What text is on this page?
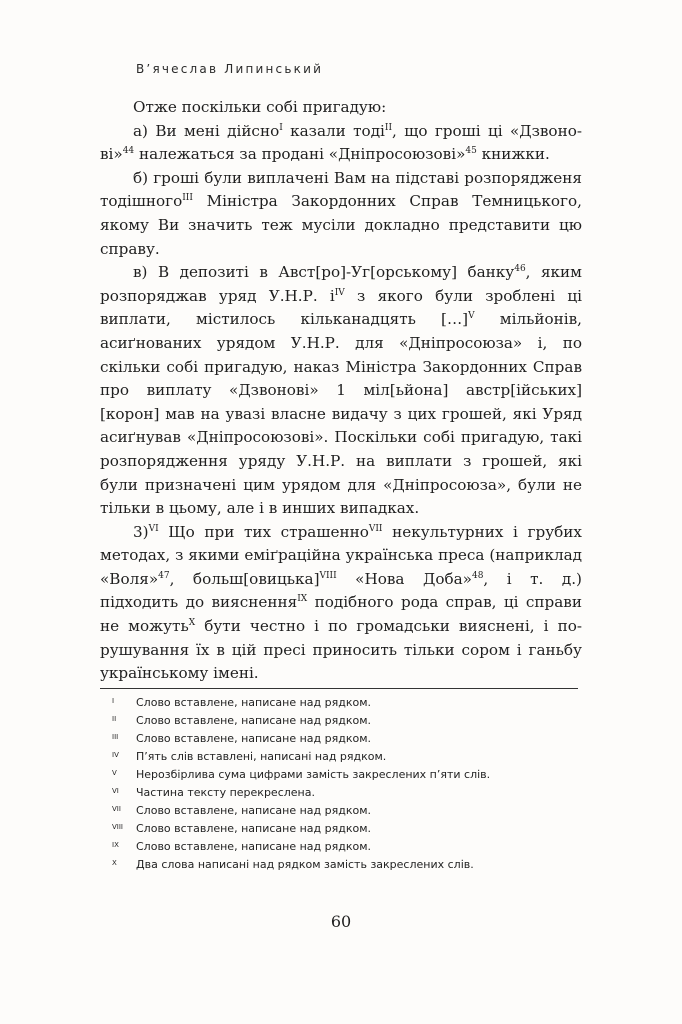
В’ячеслав Липинський

Отже поскільки собі пригадую:

а) Ви мені дійсно$^I$ казали тоді$^{II}$, що гроші ці «Дзвонові»$^{44}$ належаться за продані «Дніпросоюзові»$^{45}$ книжки.

б) гроші були виплачені Вам на підставі розпорядженя тодішного$^{III}$ Міністра Закордонних Справ Темницького, якому Ви значить теж мусіли докладно представити цю справу.

в) В депозиті в Авст[ро]-Уг[орському] банку$^{46}$, яким розпоряджав уряд У.Н.Р. $і^{IV}$ з якого були зроблені ці виплати, містилось кільканадцять […]$^V$ мільйонів, асиґнованих урядом У.Н.Р. для «Дніпросоюза» і, по скільки собі пригадую, наказ Міністра Закордонних Справ про виплату «Дзвонові» 1 міл[ьйона] австр[ійських] [корон] мав на увазі власне видачу з цих грошей, які Уряд асиґнував «Дніпросоюзові». Поскільки собі пригадую, такі розпорядження уряду У.Н.Р. на виплати з грошей, які були призначені цим урядом для «Дніпросоюза», були не тільки в цьому, але і в инших випадках.

3)$^{VI}$ Що при тих страшенно$^{VII}$ некультурних і грубих методах, з якими еміґраційна українська преса (наприклад «Воля»$^{47}$, больш[овицька]$^{VIII}$ «Нова Доба»$^{48}$, і т. д.) підходить до вияснення$^{IX}$ подібного рода справ, ці справи не можуть$^X$ бути честно і по громадськи вияснені, і порушування їх в цій пресі приносить тільки сором і ганьбу українському імені.

I	Слово вставлене, написане над рядком.
II	Слово вставлене, написане над рядком.
III	Слово вставлене, написане над рядком.
IV	П’ять слів вставлені, написані над рядком.
V	Нерозбірлива сума цифрами замість закреслених п’яти слів.
VI	Частина тексту перекреслена.
VII	Слово вставлене, написане над рядком.
VIII	Слово вставлене, написане над рядком.
IX	Слово вставлене, написане над рядком.
X	Два слова написані над рядком замість закреслених слів.
60
